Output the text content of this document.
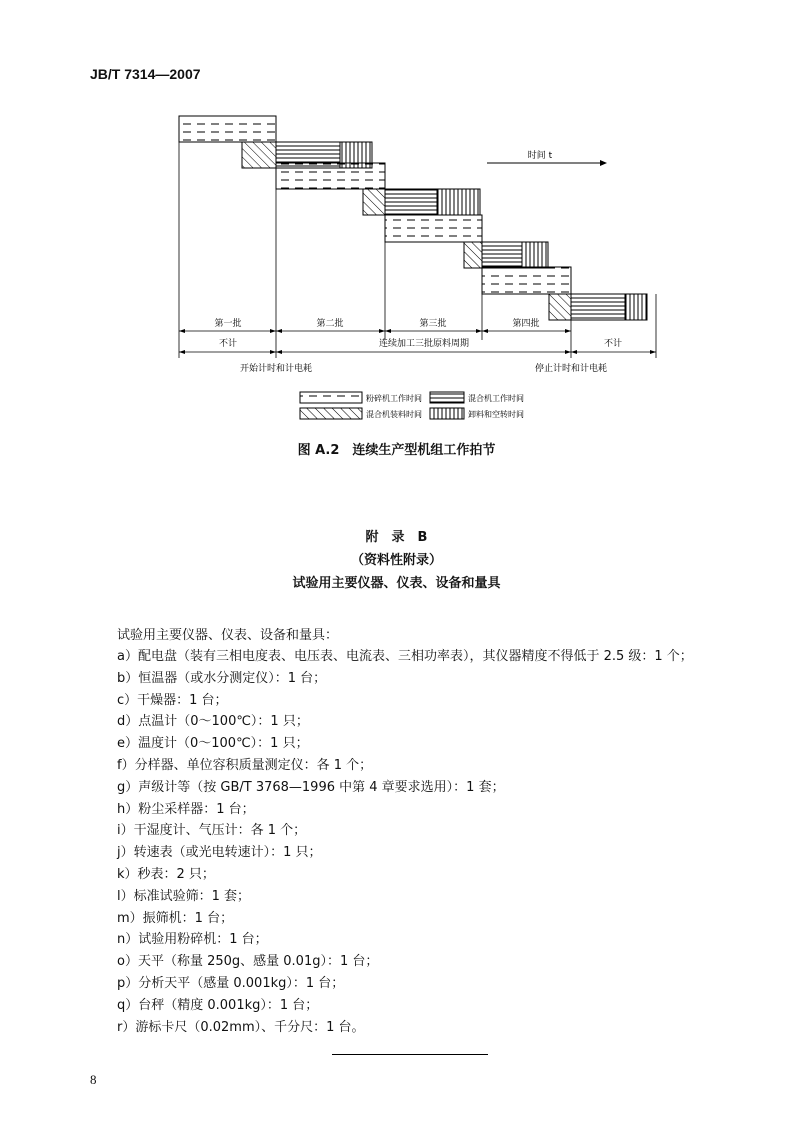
JB/T 7314—2007
时间 t
第一批	第二批	第三批	第四批
不计	连续加工三批原料周期	不计
开始计时和计电耗	停止计时和计电耗
粉碎机工作时间	混合机工作时间
混合机装料时间	卸料和空转时间
图 A.2　连续生产型机组工作拍节
附　录　B
（资料性附录）
试验用主要仪器、仪表、设备和量具
试验用主要仪器、仪表、设备和量具：
a）配电盘（装有三相电度表、电压表、电流表、三相功率表），其仪器精度不得低于 2.5 级：1 个；
b）恒温器（或水分测定仪）：1 台；
c）干燥器：1 台；
d）点温计（0～100℃）：1 只；
e）温度计（0～100℃）：1 只；
f）分样器、单位容积质量测定仪：各 1 个；
g）声级计等（按 GB/T 3768—1996 中第 4 章要求选用）：1 套；
h）粉尘采样器：1 台；
i）干湿度计、气压计：各 1 个；
j）转速表（或光电转速计）：1 只；
k）秒表：2 只；
l）标准试验筛：1 套；
m）振筛机：1 台；
n）试验用粉碎机：1 台；
o）天平（称量 250g、感量 0.01g）：1 台；
p）分析天平（感量 0.001kg）：1 台；
q）台秤（精度 0.001kg）：1 台；
r）游标卡尺（0.02mm）、千分尺：1 台。
8
